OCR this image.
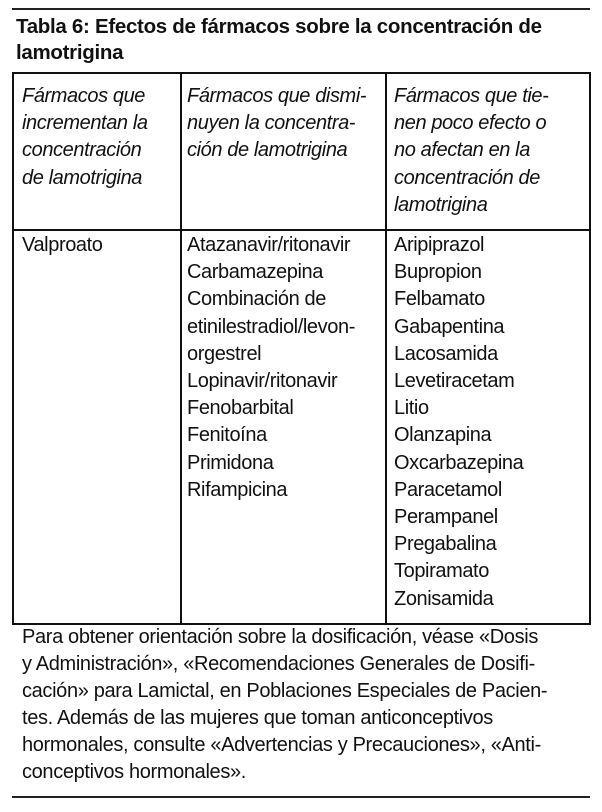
Tabla 6: Efectos de fármacos sobre la concentración de
lamotrigina
Fármacos que
incrementan la
concentración
de lamotrigina
Fármacos que dismi-
nuyen la concentra-
ción de lamotrigina
Fármacos que tie-
nen poco efecto o
no afectan en la
concentración de
lamotrigina
Valproato	Atazanavir/ritonavir
Carbamazepina
Combinación de
etinilestradiol/levon-
orgestrel
Lopinavir/ritonavir
Fenobarbital
Fenitoína
Primidona
Rifampicina
Aripiprazol
Bupropion
Felbamato
Gabapentina
Lacosamida
Levetiracetam
Litio
Olanzapina
Oxcarbazepina
Paracetamol
Perampanel
Pregabalina
Topiramato
Zonisamida
Para obtener orientación sobre la dosificación, véase «Dosis
y Administración», «Recomendaciones Generales de Dosifi-
cación» para Lamictal, en Poblaciones Especiales de Pacien-
tes. Además de las mujeres que toman anticonceptivos
hormonales, consulte «Advertencias y Precauciones», «Anti-
conceptivos hormonales».
